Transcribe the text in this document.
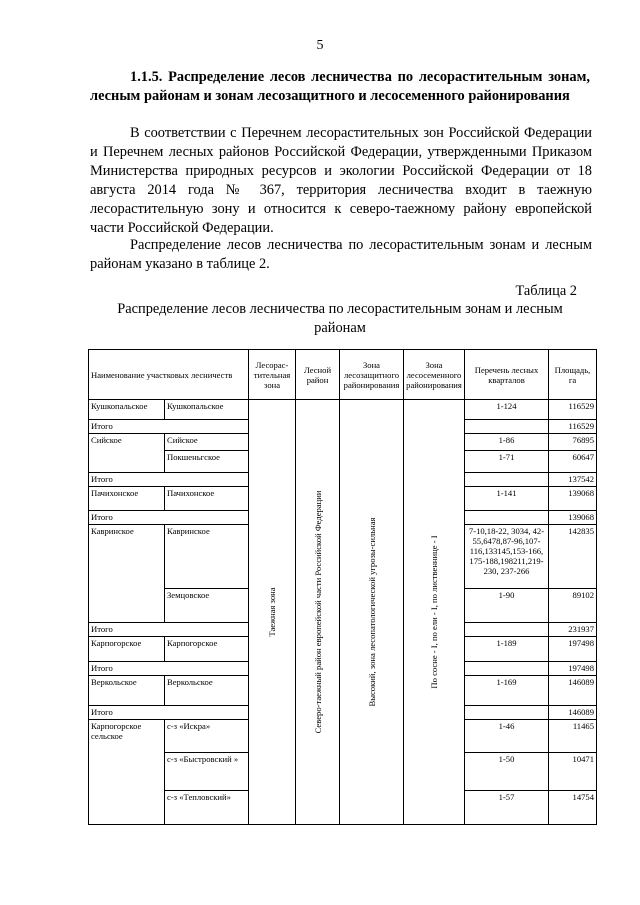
5
1.1.5. Распределение лесов лесничества по лесорастительным зонам, лесным районам и зонам лесозащитного и лесосеменного районирования

В соответствии с Перечнем лесорастительных зон Российской Федерации и Перечнем лесных районов Российской Федерации, утвержденными Приказом Министерства природных ресурсов и экологии Российской Федерации от 18 августа 2014 года № 367, территория лесничества входит в таежную лесорастительную зону и относится к северо-таежному району европейской части Российской Федерации.

Распределение лесов лесничества по лесорастительным зонам и лесным районам указано в таблице 2.

Таблица 2
Распределение лесов лесничества по лесорастительным зонам и лесным районам
Наименование участковых лесничеств		Лесорас-тительная зона	Лесной район	Зона лесозащитного районирования	Зона лесосеменного районирования	Перечень лесных кварталов	Площадь, га
Кушкопальское	Кушкопальское	Таежная зона	Северо-таежный район европейской части Российской Федерации	Высокий, зона лесопатологической угрозы-сильная	По сосне - I, по ели - I, по лиственнице - I	1-124	116529
Итого							116529
Сийское	Сийское					1-86	76895
	Покшеньгское					1-71	60647
Итого							137542
Пачихонское	Пачихонское					1-141	139068
Итого							139068
Кавринское	Кавринское					7-10,18-22, 3034, 42-55,6478,87-96,107-116,133145,153-166, 175-188,198211,219-230, 237-266	142835
	Земцовское					1-90	89102
Итого							231937
Карпогорское	Карпогорское					1-189	197498
Итого							197498
Веркольское	Веркольское					1-169	146089
Итого							146089
Карпогорское сельское	с-з «Искра»					1-46	11465
	с-з «Быстровский »					1-50	10471
	с-з «Тепловский»					1-57	14754
